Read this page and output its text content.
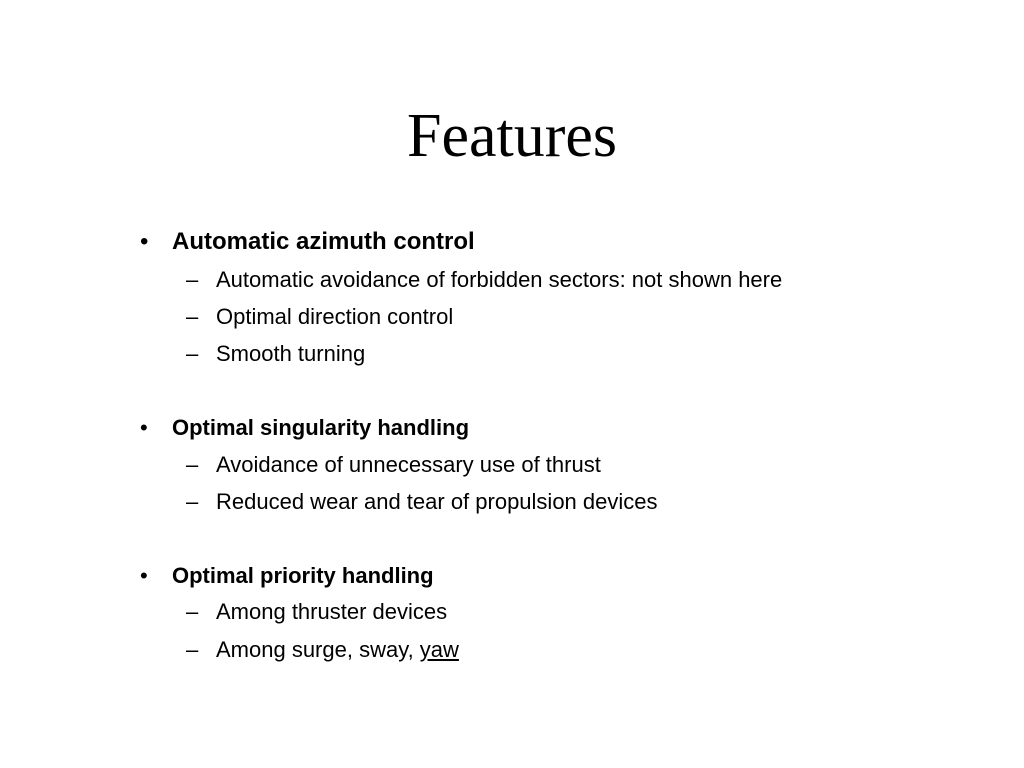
Features
• Automatic azimuth control
– Automatic avoidance of forbidden sectors: not shown here
– Optimal direction control
– Smooth turning
• Optimal singularity handling
– Avoidance of unnecessary use of thrust
– Reduced wear and tear of propulsion devices
• Optimal priority handling
– Among thruster devices
– Among surge, sway, yaw
